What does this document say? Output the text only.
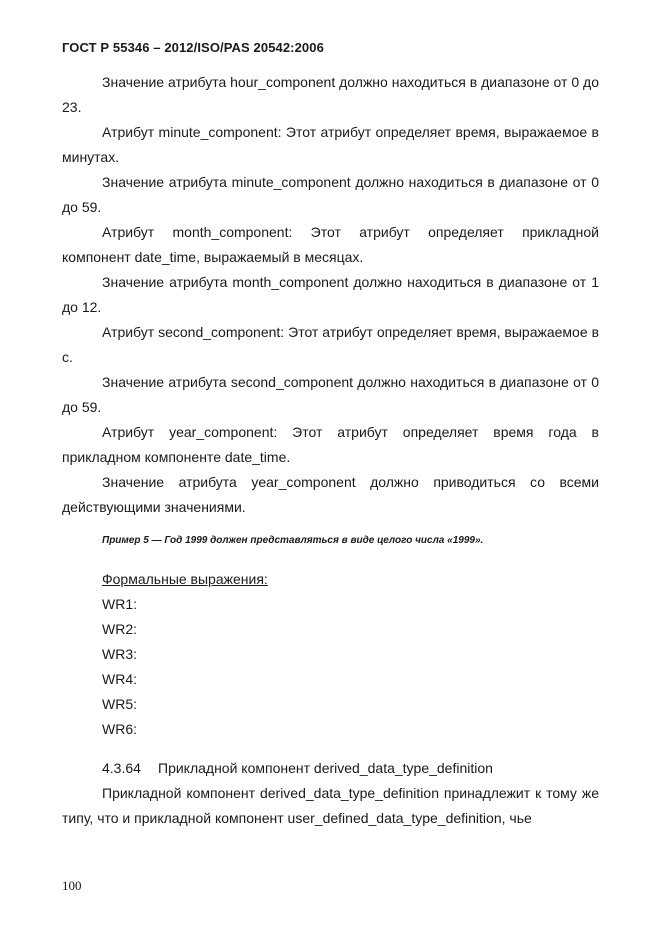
ГОСТ Р 55346 – 2012/ISO/PAS 20542:2006

Значение атрибута hour_component должно находиться в диапазоне от 0 до 23.

Атрибут minute_component: Этот атрибут определяет время, выражаемое в минутах.

Значение атрибута minute_component должно находиться в диапазоне от 0 до 59.

Атрибут month_component: Этот атрибут определяет прикладной компонент date_time, выражаемый в месяцах.

Значение атрибута month_component должно находиться в диапазоне от 1 до 12.

Атрибут second_component: Этот атрибут определяет время, выражаемое в с.

Значение атрибута second_component должно находиться в диапазоне от 0 до 59.

Атрибут year_component: Этот атрибут определяет время года в прикладном компоненте date_time.

Значение атрибута year_component должно приводиться со всеми действующими значениями.

Пример 5 — Год 1999 должен представляться в виде целого числа «1999».

Формальные выражения:

WR1:
WR2:
WR3:
WR4:
WR5:
WR6:

4.3.64 Прикладной компонент derived_data_type_definition

Прикладной компонент derived_data_type_definition принадлежит к тому же типу, что и прикладной компонент user_defined_data_type_definition, чье

100
